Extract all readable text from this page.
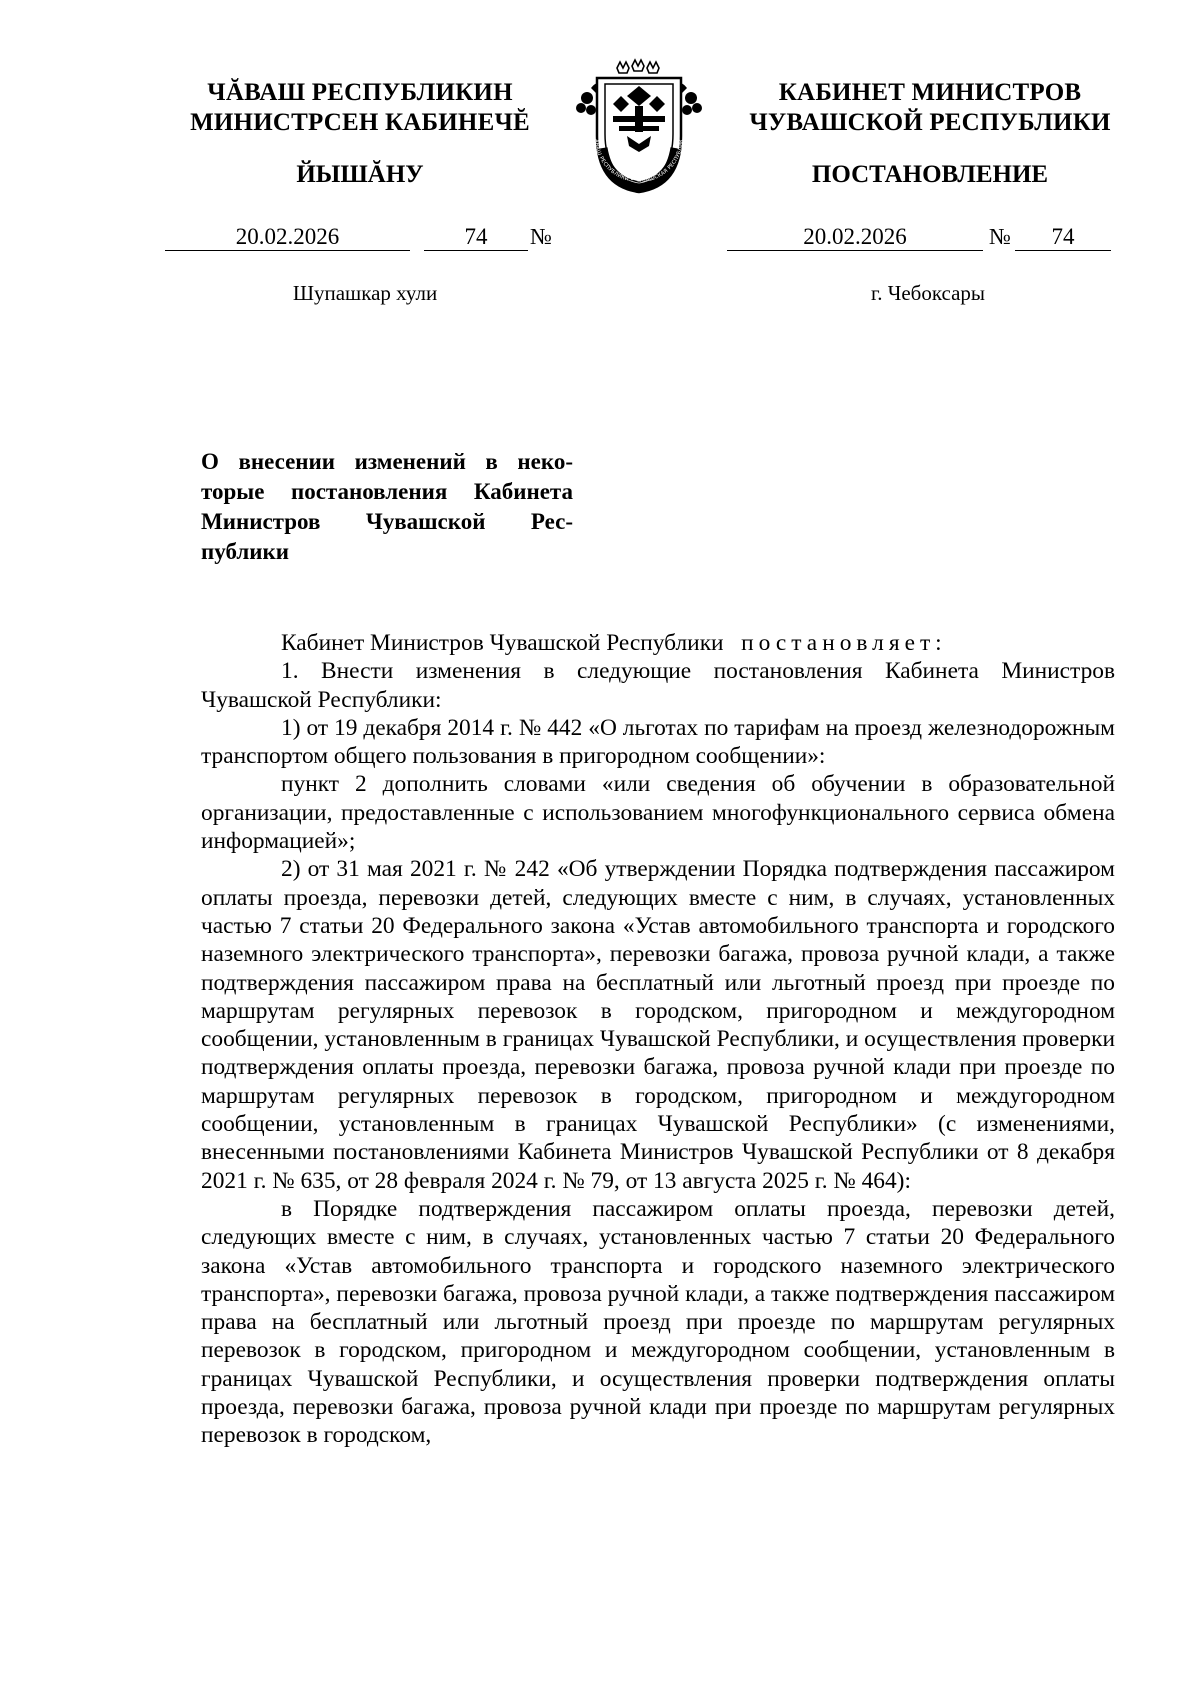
ЧĂВАШ РЕСПУБЛИКИН
МИНИСТРСЕН КАБИНЕЧĔ
ЙЫШĂНУ
КАБИНЕТ МИНИСТРОВ
ЧУВАШСКОЙ РЕСПУБЛИКИ
ПОСТАНОВЛЕНИЕ
ĂВАШ РЕСПУБЛИКИ • ЧУВАШСКАЯ РЕСПУБЛИК
20.02.2026	74	№	20.02.2026	№	74
Шупашкар хули	г. Чебоксары
О внесении изменений в некоторые постановления Кабинета Министров Чувашской Республики

Кабинет Министров Чувашской Республики постановляет:

1. Внести изменения в следующие постановления Кабинета Министров Чувашской Республики:

1) от 19 декабря 2014 г. № 442 «О льготах по тарифам на проезд железнодорожным транспортом общего пользования в пригородном сообщении»:

пункт 2 дополнить словами «или сведения об обучении в образовательной организации, предоставленные с использованием многофункционального сервиса обмена информацией»;

2) от 31 мая 2021 г. № 242 «Об утверждении Порядка подтверждения пассажиром оплаты проезда, перевозки детей, следующих вместе с ним, в случаях, установленных частью 7 статьи 20 Федерального закона «Устав автомобильного транспорта и городского наземного электрического транспорта», перевозки багажа, провоза ручной клади, а также подтверждения пассажиром права на бесплатный или льготный проезд при проезде по маршрутам регулярных перевозок в городском, пригородном и междугородном сообщении, установленным в границах Чувашской Республики, и осуществления проверки подтверждения оплаты проезда, перевозки багажа, провоза ручной клади при проезде по маршрутам регулярных перевозок в городском, пригородном и междугородном сообщении, установленным в границах Чувашской Республики» (с изменениями, внесенными постановлениями Кабинета Министров Чувашской Республики от 8 декабря 2021 г. № 635, от 28 февраля 2024 г. № 79, от 13 августа 2025 г. № 464):

в Порядке подтверждения пассажиром оплаты проезда, перевозки детей, следующих вместе с ним, в случаях, установленных частью 7 статьи 20 Федерального закона «Устав автомобильного транспорта и городского наземного электрического транспорта», перевозки багажа, провоза ручной клади, а также подтверждения пассажиром права на бесплатный или льготный проезд при проезде по маршрутам регулярных перевозок в городском, пригородном и междугородном сообщении, установленным в границах Чувашской Республики, и осуществления проверки подтверждения оплаты проезда, перевозки багажа, провоза ручной клади при проезде по маршрутам регулярных перевозок в городском,
